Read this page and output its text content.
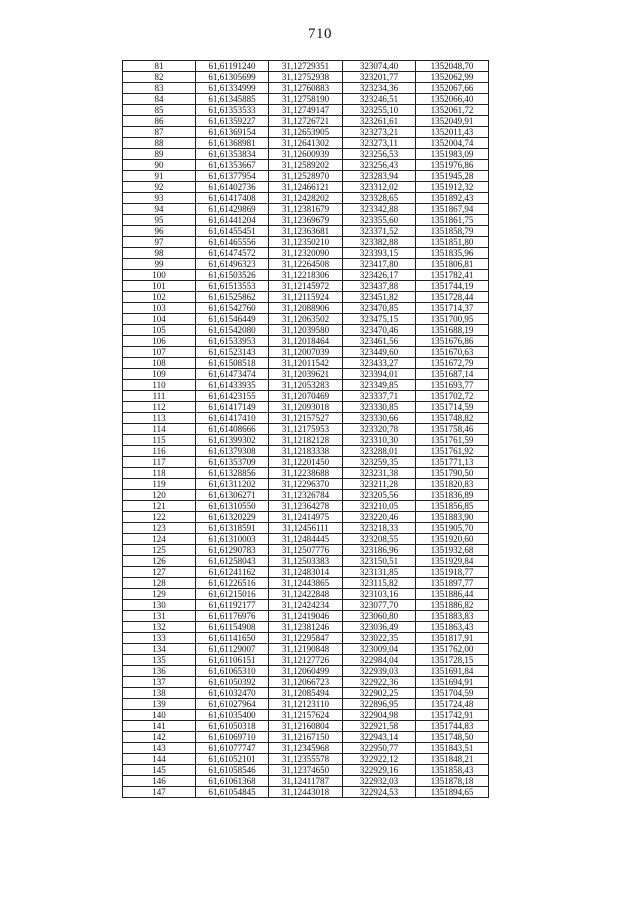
710
81	61,61191240	31,12729351	323074,40	1352048,70
82	61,61305699	31,12752938	323201,77	1352062,99
83	61,61334999	31,12760883	323234,36	1352067,66
84	61,61345885	31,12758190	323246,51	1352066,40
85	61,61353533	31,12749147	323255,10	1352061,72
86	61,61359227	31,12726721	323261,61	1352049,91
87	61,61369154	31,12653905	323273,21	1352011,43
88	61,61368981	31,12641302	323273,11	1352004,74
89	61,61353834	31,12600939	323256,53	1351983,09
90	61,61353667	31,12589202	323256,43	1351976,86
91	61,61377954	31,12528970	323283,94	1351945,28
92	61,61402736	31,12466121	323312,02	1351912,32
93	61,61417408	31,12428202	323328,65	1351892,43
94	61,61429869	31,12381679	323342,88	1351867,94
95	61,61441204	31,12369679	323355,60	1351861,75
96	61,61455451	31,12363681	323371,52	1351858,79
97	61,61465556	31,12350210	323382,88	1351851,80
98	61,61474572	31,12320090	323393,15	1351835,96
99	61,61496323	31,12264508	323417,80	1351806,81
100	61,61503526	31,12218306	323426,17	1351782,41
101	61,61513553	31,12145972	323437,88	1351744,19
102	61,61525862	31,12115924	323451,82	1351728,44
103	61,61542760	31,12088906	323470,85	1351714,37
104	61,61546449	31,12063502	323475,15	1351700,95
105	61,61542080	31,12039580	323470,46	1351688,19
106	61,61533953	31,12018464	323461,56	1351676,86
107	61,61523143	31,12007039	323449,60	1351670,63
108	61,61508518	31,12011542	323433,27	1351672,79
109	61,61473474	31,12039621	323394,01	1351687,14
110	61,61433935	31,12053283	323349,85	1351693,77
111	61,61423155	31,12070469	323337,71	1351702,72
112	61,61417149	31,12093018	323330,85	1351714,59
113	61,61417410	31,12157527	323330,66	1351748,82
114	61,61408666	31,12175953	323320,78	1351758,46
115	61,61399302	31,12182128	323310,30	1351761,59
116	61,61379308	31,12183338	323288,01	1351761,92
117	61,61353709	31,12201450	323259,35	1351771,13
118	61,61328856	31,12238688	323231,38	1351790,50
119	61,61311202	31,12296370	323211,28	1351820,83
120	61,61306271	31,12326784	323205,56	1351836,89
121	61,61310550	31,12364278	323210,05	1351856,85
122	61,61320229	31,12414975	323220,46	1351883,90
123	61,61318591	31,12456111	323218,33	1351905,70
124	61,61310003	31,12484445	323208,55	1351920,60
125	61,61290783	31,12507776	323186,96	1351932,68
126	61,61258043	31,12503383	323150,51	1351929,84
127	61,61241162	31,12483014	323131,85	1351918,77
128	61,61226516	31,12443865	323115,82	1351897,77
129	61,61215016	31,12422848	323103,16	1351886,44
130	61,61192177	31,12424234	323077,70	1351886,82
131	61,61176976	31,12419046	323060,80	1351883,83
132	61,61154908	31,12381246	323036,49	1351863,43
133	61,61141650	31,12295847	323022,35	1351817,91
134	61,61129007	31,12190848	323009,04	1351762,00
135	61,61106151	31,12127726	322984,04	1351728,15
136	61,61065310	31,12060499	322939,03	1351691,84
137	61,61050392	31,12066723	322922,36	1351694,91
138	61,61032470	31,12085494	322902,25	1351704,59
139	61,61027964	31,12123110	322896,95	1351724,48
140	61,61035400	31,12157624	322904,98	1351742,91
141	61,61050318	31,12160804	322921,58	1351744,83
142	61,61069710	31,12167150	322943,14	1351748,50
143	61,61077747	31,12345968	322950,77	1351843,51
144	61,61052101	31,12355578	322922,12	1351848,21
145	61,61058546	31,12374650	322929,16	1351858,43
146	61,61061368	31,12411787	322932,03	1351878,18
147	61,61054845	31,12443018	322924,53	1351894,65
